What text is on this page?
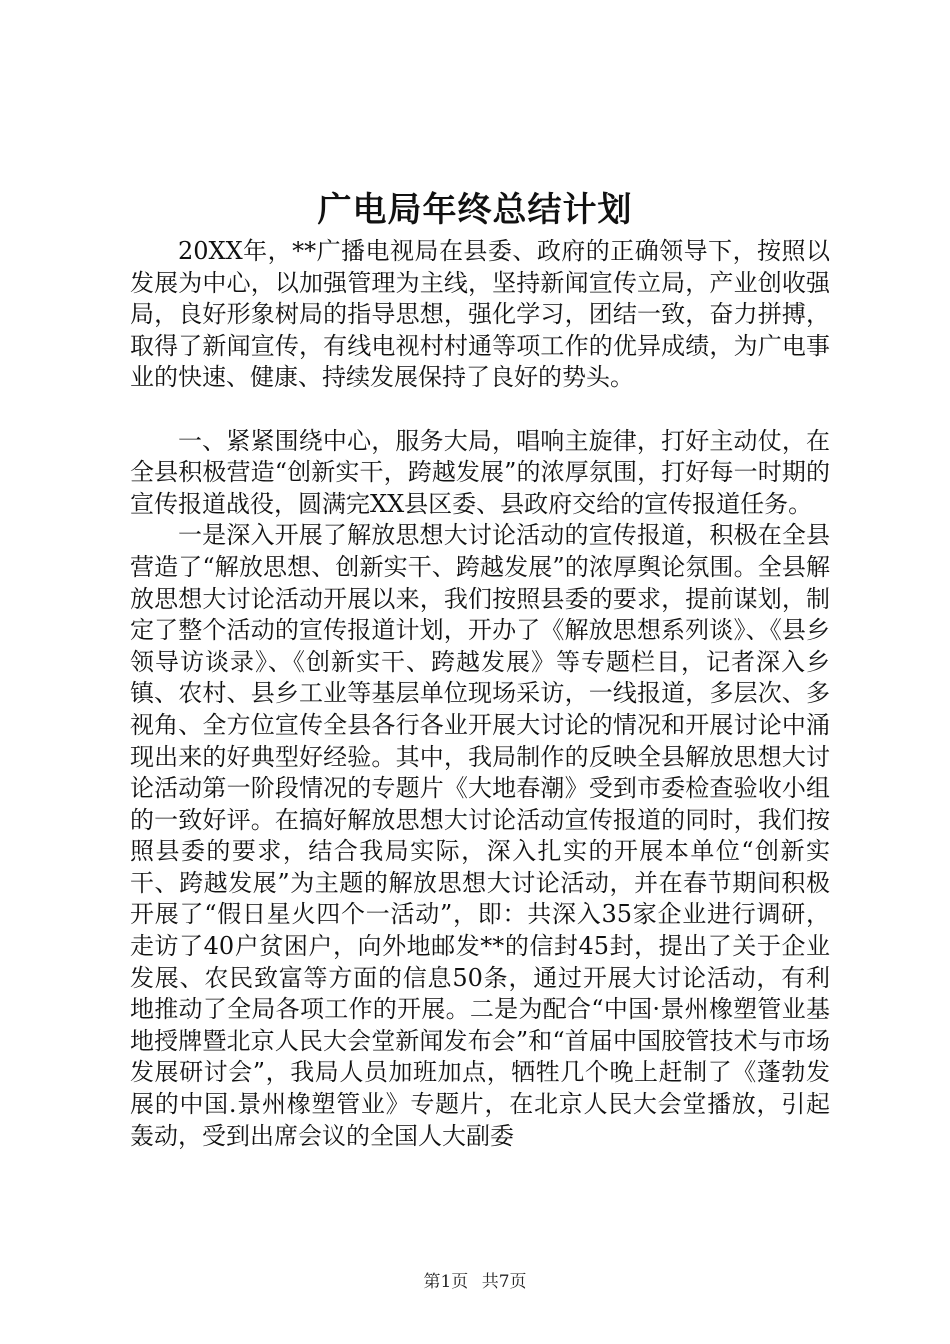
广电局年终总结计划

20XX年，**广播电视局在县委、政府的正确领导下，按照以发展为中心，以加强管理为主线，坚持新闻宣传立局，产业创收强局，良好形象树局的指导思想，强化学习，团结一致，奋力拼搏，取得了新闻宣传，有线电视村村通等项工作的优异成绩，为广电事业的快速、健康、持续发展保持了良好的势头。

一、紧紧围绕中心，服务大局，唱响主旋律，打好主动仗，在全县积极营造“创新实干，跨越发展”的浓厚氛围，打好每一时期的宣传报道战役，圆满完XX县区委、县政府交给的宣传报道任务。

一是深入开展了解放思想大讨论活动的宣传报道，积极在全县营造了“解放思想、创新实干、跨越发展”的浓厚舆论氛围。全县解放思想大讨论活动开展以来，我们按照县委的要求，提前谋划，制定了整个活动的宣传报道计划，开办了《解放思想系列谈》、《县乡领导访谈录》、《创新实干、跨越发展》等专题栏目，记者深入乡镇、农村、县乡工业等基层单位现场采访，一线报道，多层次、多视角、全方位宣传全县各行各业开展大讨论的情况和开展讨论中涌现出来的好典型好经验。其中，我局制作的反映全县解放思想大讨论活动第一阶段情况的专题片《大地春潮》受到市委检查验收小组的一致好评。在搞好解放思想大讨论活动宣传报道的同时，我们按照县委的要求，结合我局实际，深入扎实的开展本单位“创新实干、跨越发展”为主题的解放思想大讨论活动，并在春节期间积极开展了“假日星火四个一活动”，即：共深入35家企业进行调研，走访了40户贫困户，向外地邮发**的信封45封，提出了关于企业发展、农民致富等方面的信息50条，通过开展大讨论活动，有利地推动了全局各项工作的开展。二是为配合“中国·景州橡塑管业基地授牌暨北京人民大会堂新闻发布会”和“首届中国胶管技术与市场发展研讨会”，我局人员加班加点，牺牲几个晚上赶制了《蓬勃发展的中国.景州橡塑管业》专题片，在北京人民大会堂播放，引起轰动，受到出席会议的全国人大副委

第1页 共7页
